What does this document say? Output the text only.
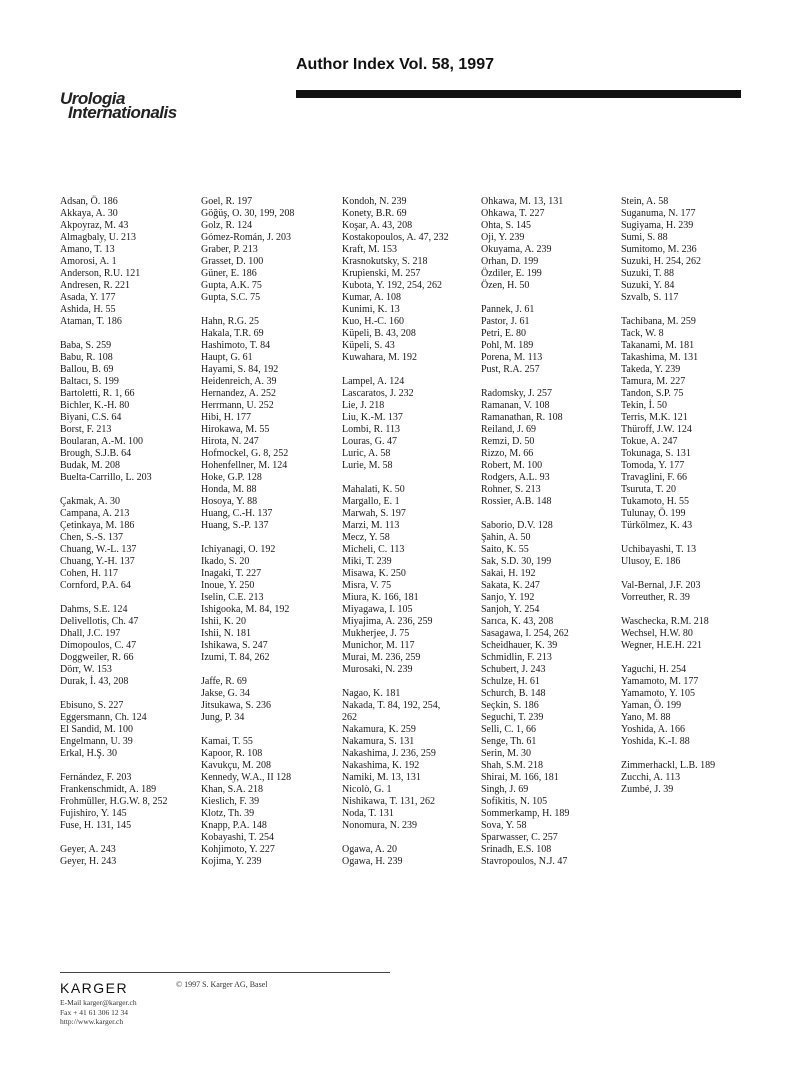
Author Index Vol. 58, 1997
Urologia
Internationalis
Adsan, Ö. 186
Akkaya, A. 30
Akpoyraz, M. 43
Almagbaly, U. 213
Amano, T. 13
Amorosi, A. 1
Anderson, R.U. 121
Andresen, R. 221
Asada, Y. 177
Ashida, H. 55
Ataman, T. 186
Baba, S. 259
Babu, R. 108
Ballou, B. 69
Baltacı, S. 199
Bartoletti, R. 1, 66
Bichler, K.-H. 80
Biyani, C.S. 64
Borst, F. 213
Boularan, A.-M. 100
Brough, S.J.B. 64
Budak, M. 208
Buelta-Carrillo, L. 203
Çakmak, A. 30
Campana, A. 213
Çetinkaya, M. 186
Chen, S.-S. 137
Chuang, W.-L. 137
Chuang, Y.-H. 137
Cohen, H. 117
Cornford, P.A. 64
Dahms, S.E. 124
Delivellotis, Ch. 47
Dhall, J.C. 197
Dimopoulos, C. 47
Doggweiler, R. 66
Dörr, W. 153
Durak, İ. 43, 208
Ebisuno, S. 227
Eggersmann, Ch. 124
El Sandid, M. 100
Engelmann, U. 39
Erkal, H.Ş. 30
Fernández, F. 203
Frankenschmidt, A. 189
Frohmüller, H.G.W. 8, 252
Fujishiro, Y. 145
Fuse, H. 131, 145
Geyer, A. 243
Geyer, H. 243
Goel, R. 197
Göğüş, O. 30, 199, 208
Golz, R. 124
Gómez-Román, J. 203
Graber, P. 213
Grasset, D. 100
Güner, E. 186
Gupta, A.K. 75
Gupta, S.C. 75
Hahn, R.G. 25
Hakala, T.R. 69
Hashimoto, T. 84
Haupt, G. 61
Hayami, S. 84, 192
Heidenreich, A. 39
Hernandez, A. 252
Herrmann, U. 252
Hibi, H. 177
Hirokawa, M. 55
Hirota, N. 247
Hofmockel, G. 8, 252
Hohenfellner, M. 124
Hoke, G.P. 128
Honda, M. 88
Hosoya, Y. 88
Huang, C.-H. 137
Huang, S.-P. 137
Ichiyanagi, O. 192
Ikado, S. 20
Inagaki, T. 227
Inoue, Y. 250
Iselin, C.E. 213
Ishigooka, M. 84, 192
Ishii, K. 20
Ishii, N. 181
Ishikawa, S. 247
Izumi, T. 84, 262
Jaffe, R. 69
Jakse, G. 34
Jitsukawa, S. 236
Jung, P. 34
Kamai, T. 55
Kapoor, R. 108
Kavukçu, M. 208
Kennedy, W.A., II 128
Khan, S.A. 218
Kieslich, F. 39
Klotz, Th. 39
Knapp, P.A. 148
Kobayashi, T. 254
Kohjimoto, Y. 227
Kojima, Y. 239
Kondoh, N. 239
Konety, B.R. 69
Koşar, A. 43, 208
Kostakopoulos, A. 47, 232
Kraft, M. 153
Krasnokutsky, S. 218
Krupienski, M. 257
Kubota, Y. 192, 254, 262
Kumar, A. 108
Kunimi, K. 13
Kuo, H.-C. 160
Küpeli, B. 43, 208
Küpeli, S. 43
Kuwahara, M. 192
Lampel, A. 124
Lascaratos, J. 232
Lie, J. 218
Liu, K.-M. 137
Lombi, R. 113
Louras, G. 47
Luric, A. 58
Lurie, M. 58
Mahalati, K. 50
Margallo, E. 1
Marwah, S. 197
Marzi, M. 113
Mecz, Y. 58
Micheli, C. 113
Miki, T. 239
Misawa, K. 250
Misra, V. 75
Miura, K. 166, 181
Miyagawa, I. 105
Miyajima, A. 236, 259
Mukherjee, J. 75
Munichor, M. 117
Murai, M. 236, 259
Murosaki, N. 239
Nagao, K. 181
Nakada, T. 84, 192, 254,
262
Nakamura, K. 259
Nakamura, S. 131
Nakashima, J. 236, 259
Nakashima, K. 192
Namiki, M. 13, 131
Nicolò, G. 1
Nishikawa, T. 131, 262
Noda, T. 131
Nonomura, N. 239
Ogawa, A. 20
Ogawa, H. 239
Ohkawa, M. 13, 131
Ohkawa, T. 227
Ohta, S. 145
Oji, Y. 239
Okuyama, A. 239
Orhan, D. 199
Özdiler, E. 199
Özen, H. 50
Pannek, J. 61
Pastor, J. 61
Petri, E. 80
Pohl, M. 189
Porena, M. 113
Pust, R.A. 257
Radomsky, J. 257
Ramanan, V. 108
Ramanathan, R. 108
Reiland, J. 69
Remzi, D. 50
Rizzo, M. 66
Robert, M. 100
Rodgers, A.L. 93
Rohner, S. 213
Rossier, A.B. 148
Saborio, D.V. 128
Şahin, A. 50
Saito, K. 55
Sak, S.D. 30, 199
Sakai, H. 192
Sakata, K. 247
Sanjo, Y. 192
Sanjoh, Y. 254
Sarıca, K. 43, 208
Sasagawa, I. 254, 262
Scheidhauer, K. 39
Schmidlin, F. 213
Schubert, J. 243
Schulze, H. 61
Schurch, B. 148
Seçkin, S. 186
Seguchi, T. 239
Selli, C. 1, 66
Senge, Th. 61
Serin, M. 30
Shah, S.M. 218
Shirai, M. 166, 181
Singh, J. 69
Sofikitis, N. 105
Sommerkamp, H. 189
Sova, Y. 58
Sparwasser, C. 257
Srinadh, E.S. 108
Stavropoulos, N.J. 47
Stein, A. 58
Suganuma, N. 177
Sugiyama, H. 239
Sumi, S. 88
Sumitomo, M. 236
Suzuki, H. 254, 262
Suzuki, T. 88
Suzuki, Y. 84
Szvalb, S. 117
Tachibana, M. 259
Tack, W. 8
Takanami, M. 181
Takashima, M. 131
Takeda, Y. 239
Tamura, M. 227
Tandon, S.P. 75
Tekin, İ. 50
Terris, M.K. 121
Thüroff, J.W. 124
Tokue, A. 247
Tokunaga, S. 131
Tomoda, Y. 177
Travaglini, F. 66
Tsuruta, T. 20
Tukamoto, H. 55
Tulunay, Ö. 199
Türkölmez, K. 43
Uchibayashi, T. 13
Ulusoy, E. 186
Val-Bernal, J.F. 203
Vorreuther, R. 39
Waschecka, R.M. 218
Wechsel, H.W. 80
Wegner, H.E.H. 221
Yaguchi, H. 254
Yamamoto, M. 177
Yamamoto, Y. 105
Yaman, Ö. 199
Yano, M. 88
Yoshida, A. 166
Yoshida, K.-I. 88
Zimmerhackl, L.B. 189
Zucchi, A. 113
Zumbé, J. 39
KARGER	© 1997 S. Karger AG, Basel
E-Mail karger@karger.ch
Fax + 41 61 306 12 34
http://www.karger.ch
